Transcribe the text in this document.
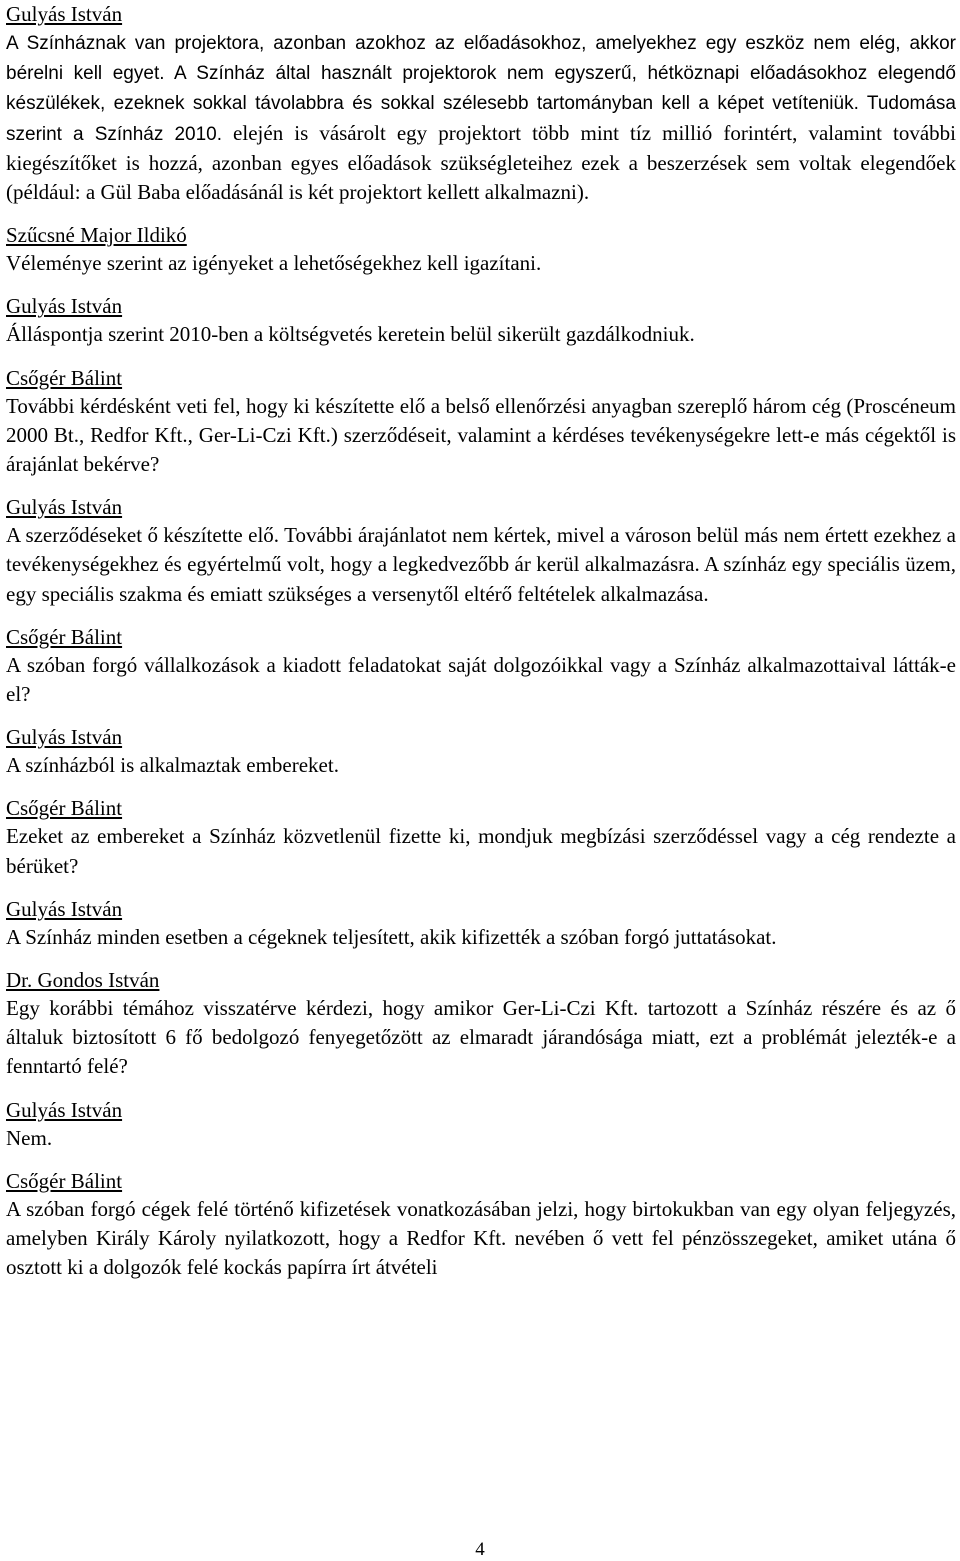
Gulyás István

A Színháznak van projektora, azonban azokhoz az előadásokhoz, amelyekhez egy eszköz nem elég, akkor bérelni kell egyet. A Színház által használt projektorok nem egyszerű, hétköznapi előadásokhoz elegendő készülékek, ezeknek sokkal távolabbra és sokkal szélesebb tartományban kell a képet vetíteniük. Tudomása szerint a Színház 2010. elején is vásárolt egy projektort több mint tíz millió forintért, valamint további kiegészítőket is hozzá, azonban egyes előadások szükségleteihez ezek a beszerzések sem voltak elegendőek (például: a Gül Baba előadásánál is két projektort kellett alkalmazni).

Szűcsné Major Ildikó

Véleménye szerint az igényeket a lehetőségekhez kell igazítani.

Gulyás István

Álláspontja szerint 2010-ben a költségvetés keretein belül sikerült gazdálkodniuk.

Csőgér Bálint

További kérdésként veti fel, hogy ki készítette elő a belső ellenőrzési anyagban szereplő három cég (Proscéneum 2000 Bt., Redfor Kft., Ger-Li-Czi Kft.) szerződéseit, valamint a kérdéses tevékenységekre lett-e más cégektől is árajánlat bekérve?

Gulyás István

A szerződéseket ő készítette elő. További árajánlatot nem kértek, mivel a városon belül más nem értett ezekhez a tevékenységekhez és egyértelmű volt, hogy a legkedvezőbb ár kerül alkalmazásra. A színház egy speciális üzem, egy speciális szakma és emiatt szükséges a versenytől eltérő feltételek alkalmazása.

Csőgér Bálint

A szóban forgó vállalkozások a kiadott feladatokat saját dolgozóikkal vagy a Színház alkalmazottaival látták-e el?

Gulyás István

A színházból is alkalmaztak embereket.

Csőgér Bálint

Ezeket az embereket a Színház közvetlenül fizette ki, mondjuk megbízási szerződéssel vagy a cég rendezte a bérüket?

Gulyás István

A Színház minden esetben a cégeknek teljesített, akik kifizették a szóban forgó juttatásokat.

Dr. Gondos István

Egy korábbi témához visszatérve kérdezi, hogy amikor Ger-Li-Czi Kft. tartozott a Színház részére és az ő általuk biztosított 6 fő bedolgozó fenyegetőzött az elmaradt járandósága miatt, ezt a problémát jelezték-e a fenntartó felé?

Gulyás István

Nem.

Csőgér Bálint

A szóban forgó cégek felé történő kifizetések vonatkozásában jelzi, hogy birtokukban van egy olyan feljegyzés, amelyben Király Károly nyilatkozott, hogy a Redfor Kft. nevében ő vett fel pénzösszegeket, amiket utána ő osztott ki a dolgozók felé kockás papírra írt átvételi

4
